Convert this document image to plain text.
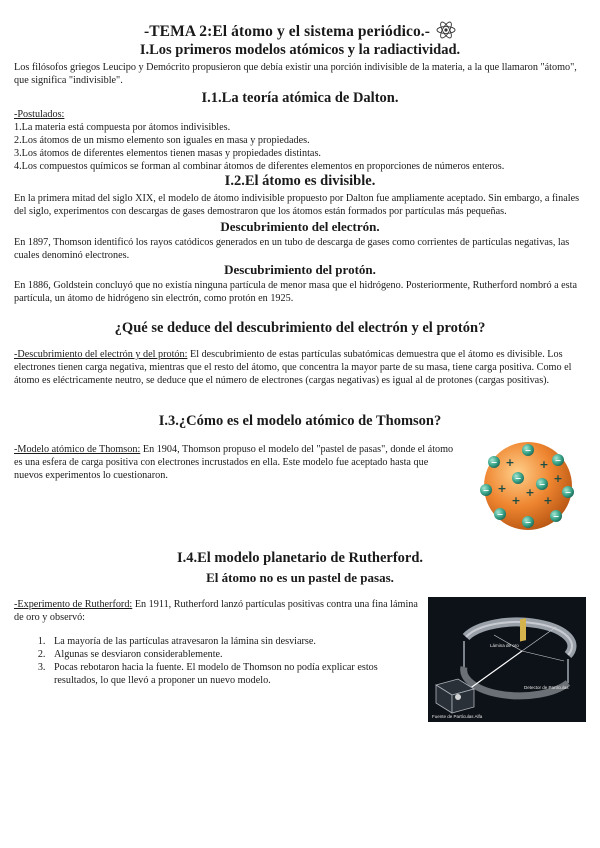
-TEMA 2:El átomo y el sistema periódico.-
I.Los primeros modelos atómicos y la radiactividad.

Los filósofos griegos Leucipo y Demócrito propusieron que debía existir una porción indivisible de la materia, a la que llamaron "átomo", que significa "indivisible".

I.1.La teoría atómica de Dalton.
-Postulados:
1.La materia está compuesta por átomos indivisibles.
2.Los átomos de un mismo elemento son iguales en masa y propiedades.
3.Los átomos de diferentes elementos tienen masas y propiedades distintas.
4.Los compuestos químicos se forman al combinar átomos de diferentes elementos en proporciones de números enteros.
I.2.El átomo es divisible.

En la primera mitad del siglo XIX, el modelo de átomo indivisible propuesto por Dalton fue ampliamente aceptado. Sin embargo, a finales del siglo, experimentos con descargas de gases demostraron que los átomos están formados por partículas más pequeñas.

Descubrimiento del electrón.

En 1897, Thomson identificó los rayos catódicos generados en un tubo de descarga de gases como corrientes de partículas negativas, las cuales denominó electrones.

Descubrimiento del protón.

En 1886, Goldstein concluyó que no existía ninguna partícula de menor masa que el hidrógeno. Posteriormente, Rutherford nombró a esta partícula, un átomo de hidrógeno sin electrón, como protón en 1925.

¿Qué se deduce del descubrimiento del electrón y el protón?

-Descubrimiento del electrón y del protón: El descubrimiento de estas partículas subatómicas demuestra que el átomo es divisible. Los electrones tienen carga negativa, mientras que el resto del átomo, que concentra la mayor parte de su masa, tiene carga positiva. Como el átomo es eléctricamente neutro, se deduce que el número de electrones (cargas negativas) es igual al de protones (cargas positivas).

I.3.¿Cómo es el modelo atómico de Thomson?

-Modelo atómico de Thomson: En 1904, Thomson propuso el modelo del "pastel de pasas", donde el átomo es una esfera de carga positiva con electrones incrustados en ella. Este modelo fue aceptado hasta que nuevos experimentos lo cuestionaron.

+ +
+
+
+ +
+
−
−
−
−
−
−
−
−
−
−
I.4.El modelo planetario de Rutherford.
El átomo no es un pastel de pasas.

-Experimento de Rutherford: En 1911, Rutherford lanzó partículas positivas contra una fina lámina de oro y observó:

1. La mayoría de las partículas atravesaron la lámina sin desviarse.
2. Algunas se desviaron considerablemente.
3. Pocas rebotaron hacia la fuente. El modelo de Thomson no podía explicar estos resultados, lo que llevó a proponer un nuevo modelo.
Lámina de oro
Detector de Partículas
Fuente de Partículas Alfa
